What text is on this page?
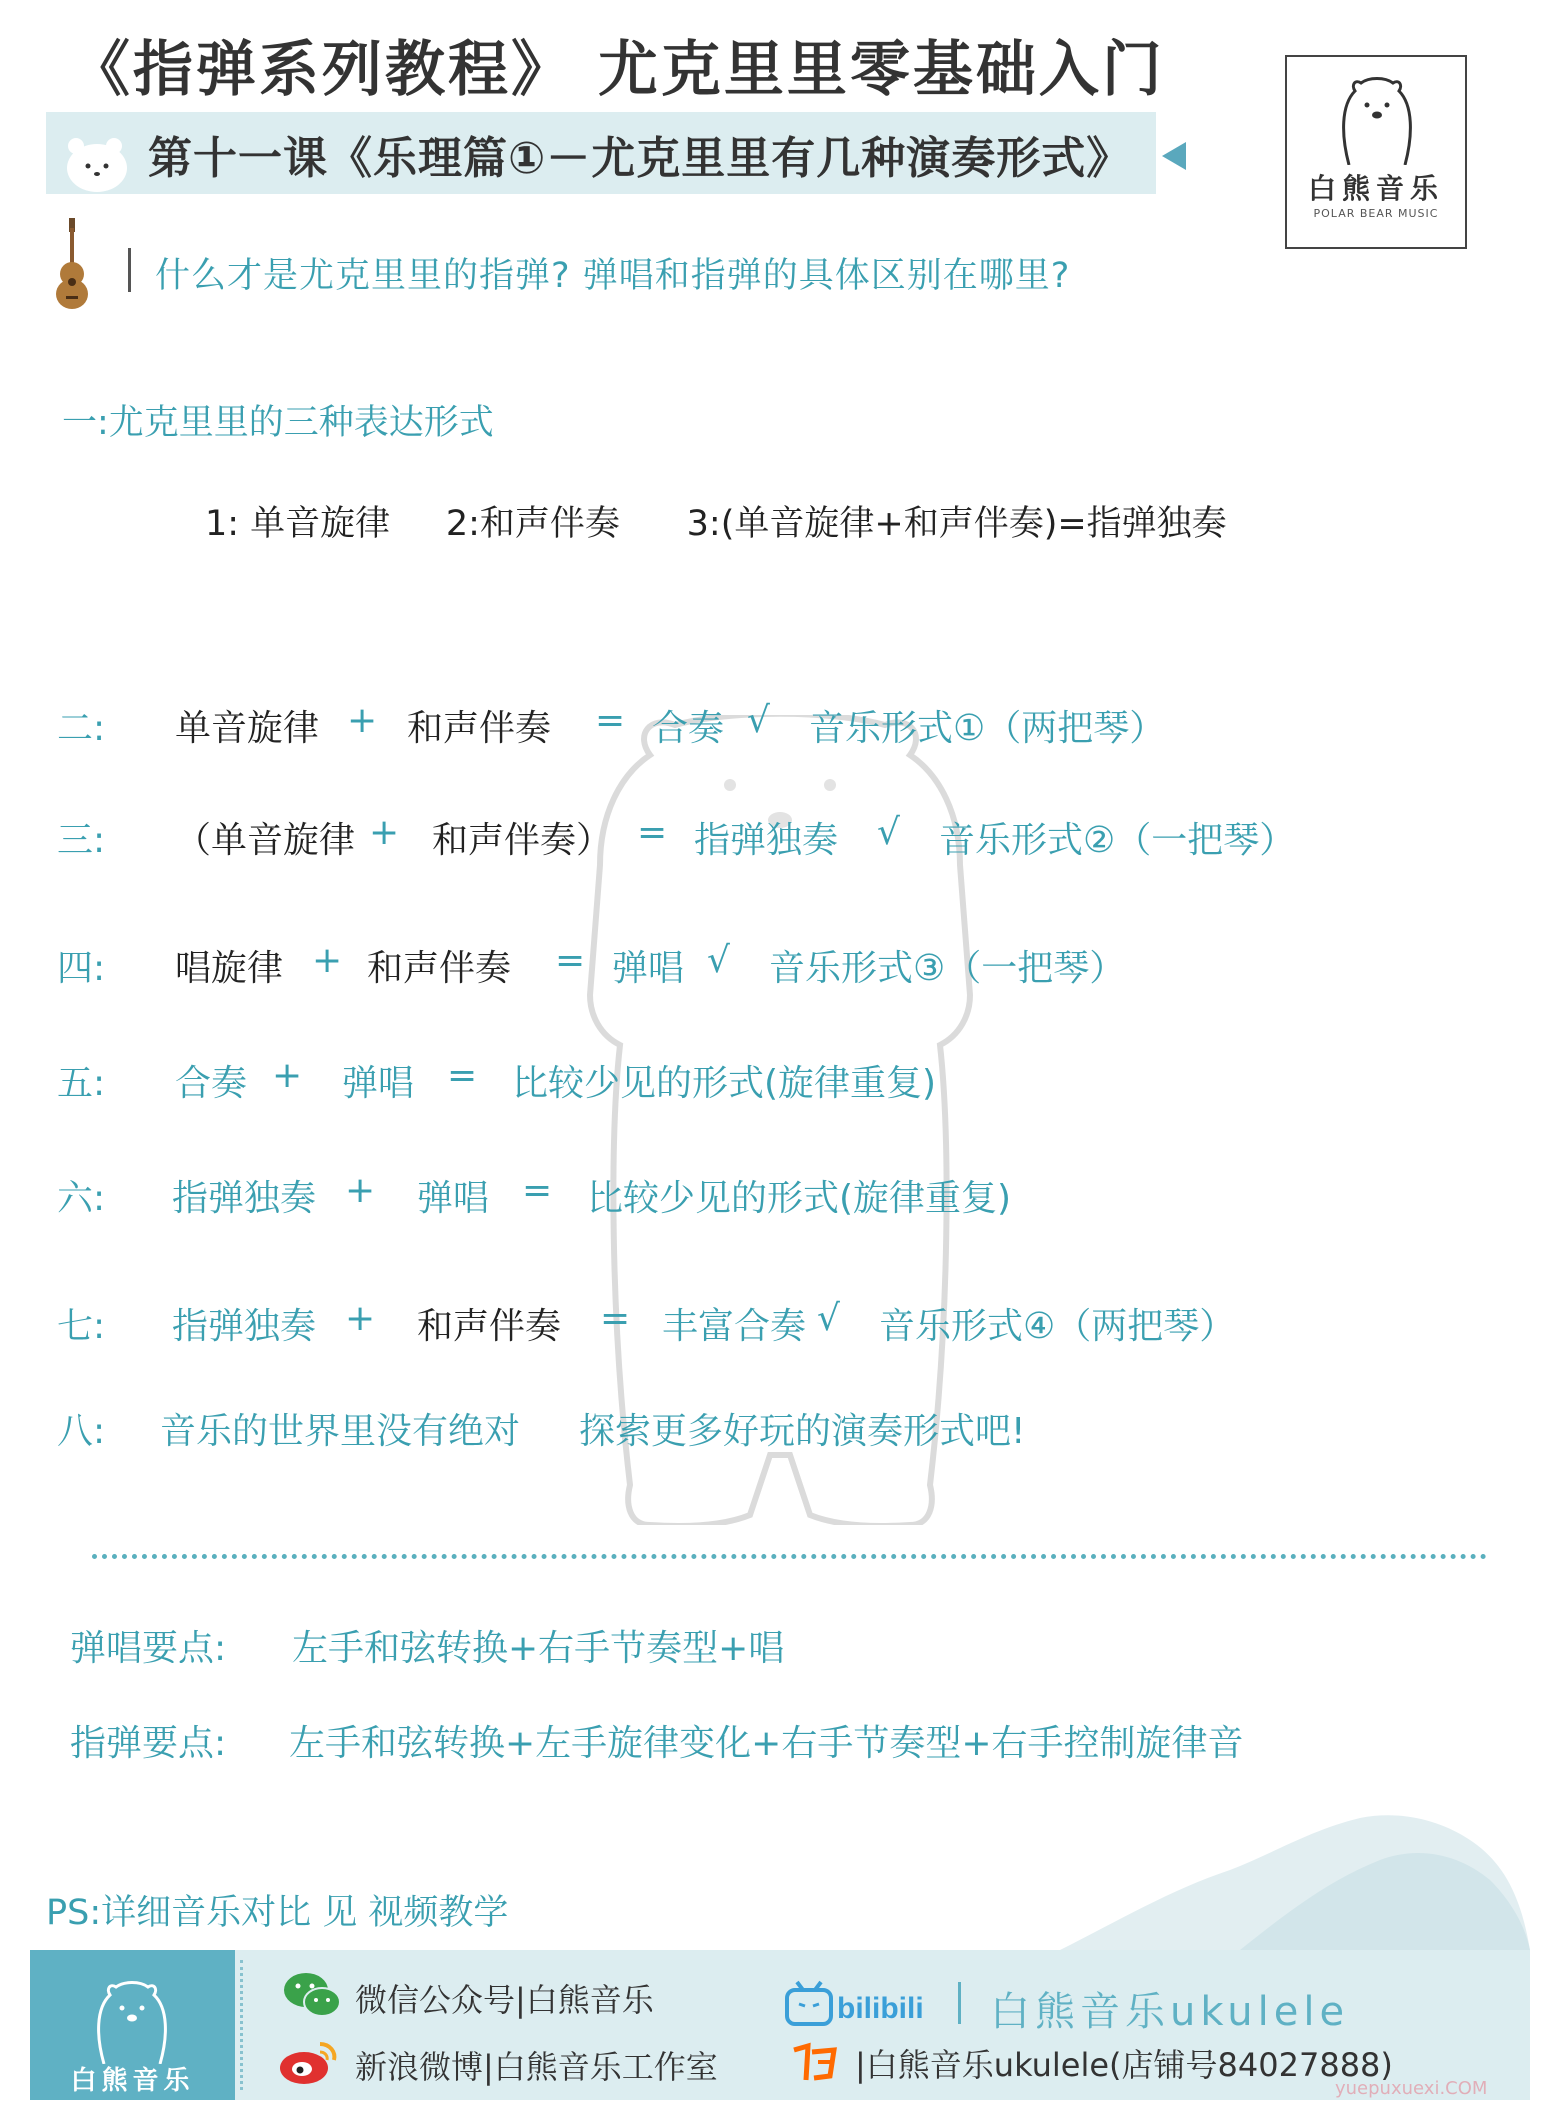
《指弹系列教程》 尤克里里零基础入门
第十一课《乐理篇①－尤克里里有几种演奏形式》
白熊音乐
POLAR BEAR MUSIC
什么才是尤克里里的指弹? 弹唱和指弹的具体区别在哪里?
一:尤克里里的三种表达形式
1: 单音旋律 2:和声伴奏 3:(单音旋律+和声伴奏)=指弹独奏
二: 单音旋律 + 和声伴奏 = 合奏 √ 音乐形式①（两把琴）
三: （单音旋律 + 和声伴奏） = 指弹独奏 √ 音乐形式②（一把琴）
四: 唱旋律 + 和声伴奏 = 弹唱 √ 音乐形式③（一把琴）
五: 合奏 + 弹唱 = 比较少见的形式(旋律重复)
六: 指弹独奏 + 弹唱 = 比较少见的形式(旋律重复)
七: 指弹独奏 + 和声伴奏 = 丰富合奏 √ 音乐形式④（两把琴）
八: 音乐的世界里没有绝对 探索更多好玩的演奏形式吧!
弹唱要点: 左手和弦转换+右手节奏型+唱
指弹要点: 左手和弦转换+左手旋律变化+右手节奏型+右手控制旋律音
PS:详细音乐对比 见 视频教学
白熊音乐
微信公众号|白熊音乐
新浪微博|白熊音乐工作室
bilibili 白熊音乐ukulele
|白熊音乐ukulele(店铺号84027888)
yuepuxuexi.COM
